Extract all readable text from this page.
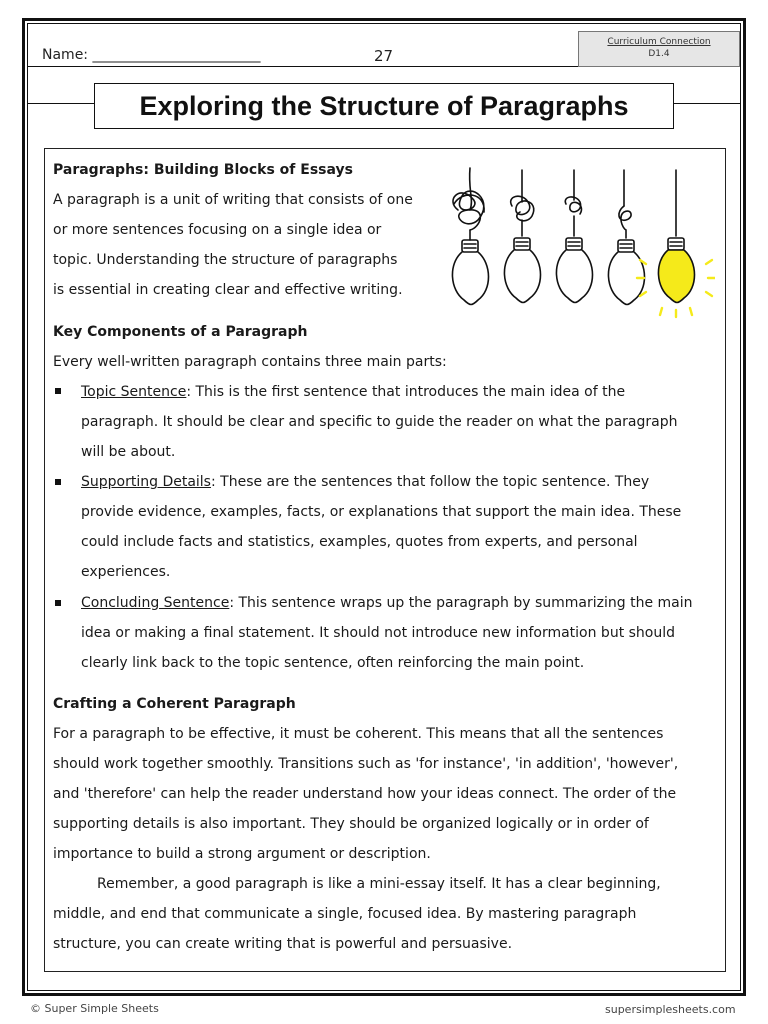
Name: ________________________	27
Curriculum Connection
D1.4
Exploring the Structure of Paragraphs
Paragraphs: Building Blocks of Essays
A paragraph is a unit of writing that consists of one
or more sentences focusing on a single idea or
topic. Understanding the structure of paragraphs
is essential in creating clear and effective writing.
Key Components of a Paragraph
Every well-written paragraph contains three main parts:
Topic Sentence: This is the first sentence that introduces the main idea of the
paragraph. It should be clear and specific to guide the reader on what the paragraph
will be about.
Supporting Details: These are the sentences that follow the topic sentence. They
provide evidence, examples, facts, or explanations that support the main idea. These
could include facts and statistics, examples, quotes from experts, and personal
experiences.
Concluding Sentence: This sentence wraps up the paragraph by summarizing the main
idea or making a final statement. It should not introduce new information but should
clearly link back to the topic sentence, often reinforcing the main point.
Crafting a Coherent Paragraph
For a paragraph to be effective, it must be coherent. This means that all the sentences
should work together smoothly. Transitions such as 'for instance', 'in addition', 'however',
and 'therefore' can help the reader understand how your ideas connect. The order of the
supporting details is also important. They should be organized logically or in order of
importance to build a strong argument or description.
Remember, a good paragraph is like a mini-essay itself. It has a clear beginning,
middle, and end that communicate a single, focused idea. By mastering paragraph
structure, you can create writing that is powerful and persuasive.
© Super Simple Sheets	supersimplesheets.com
